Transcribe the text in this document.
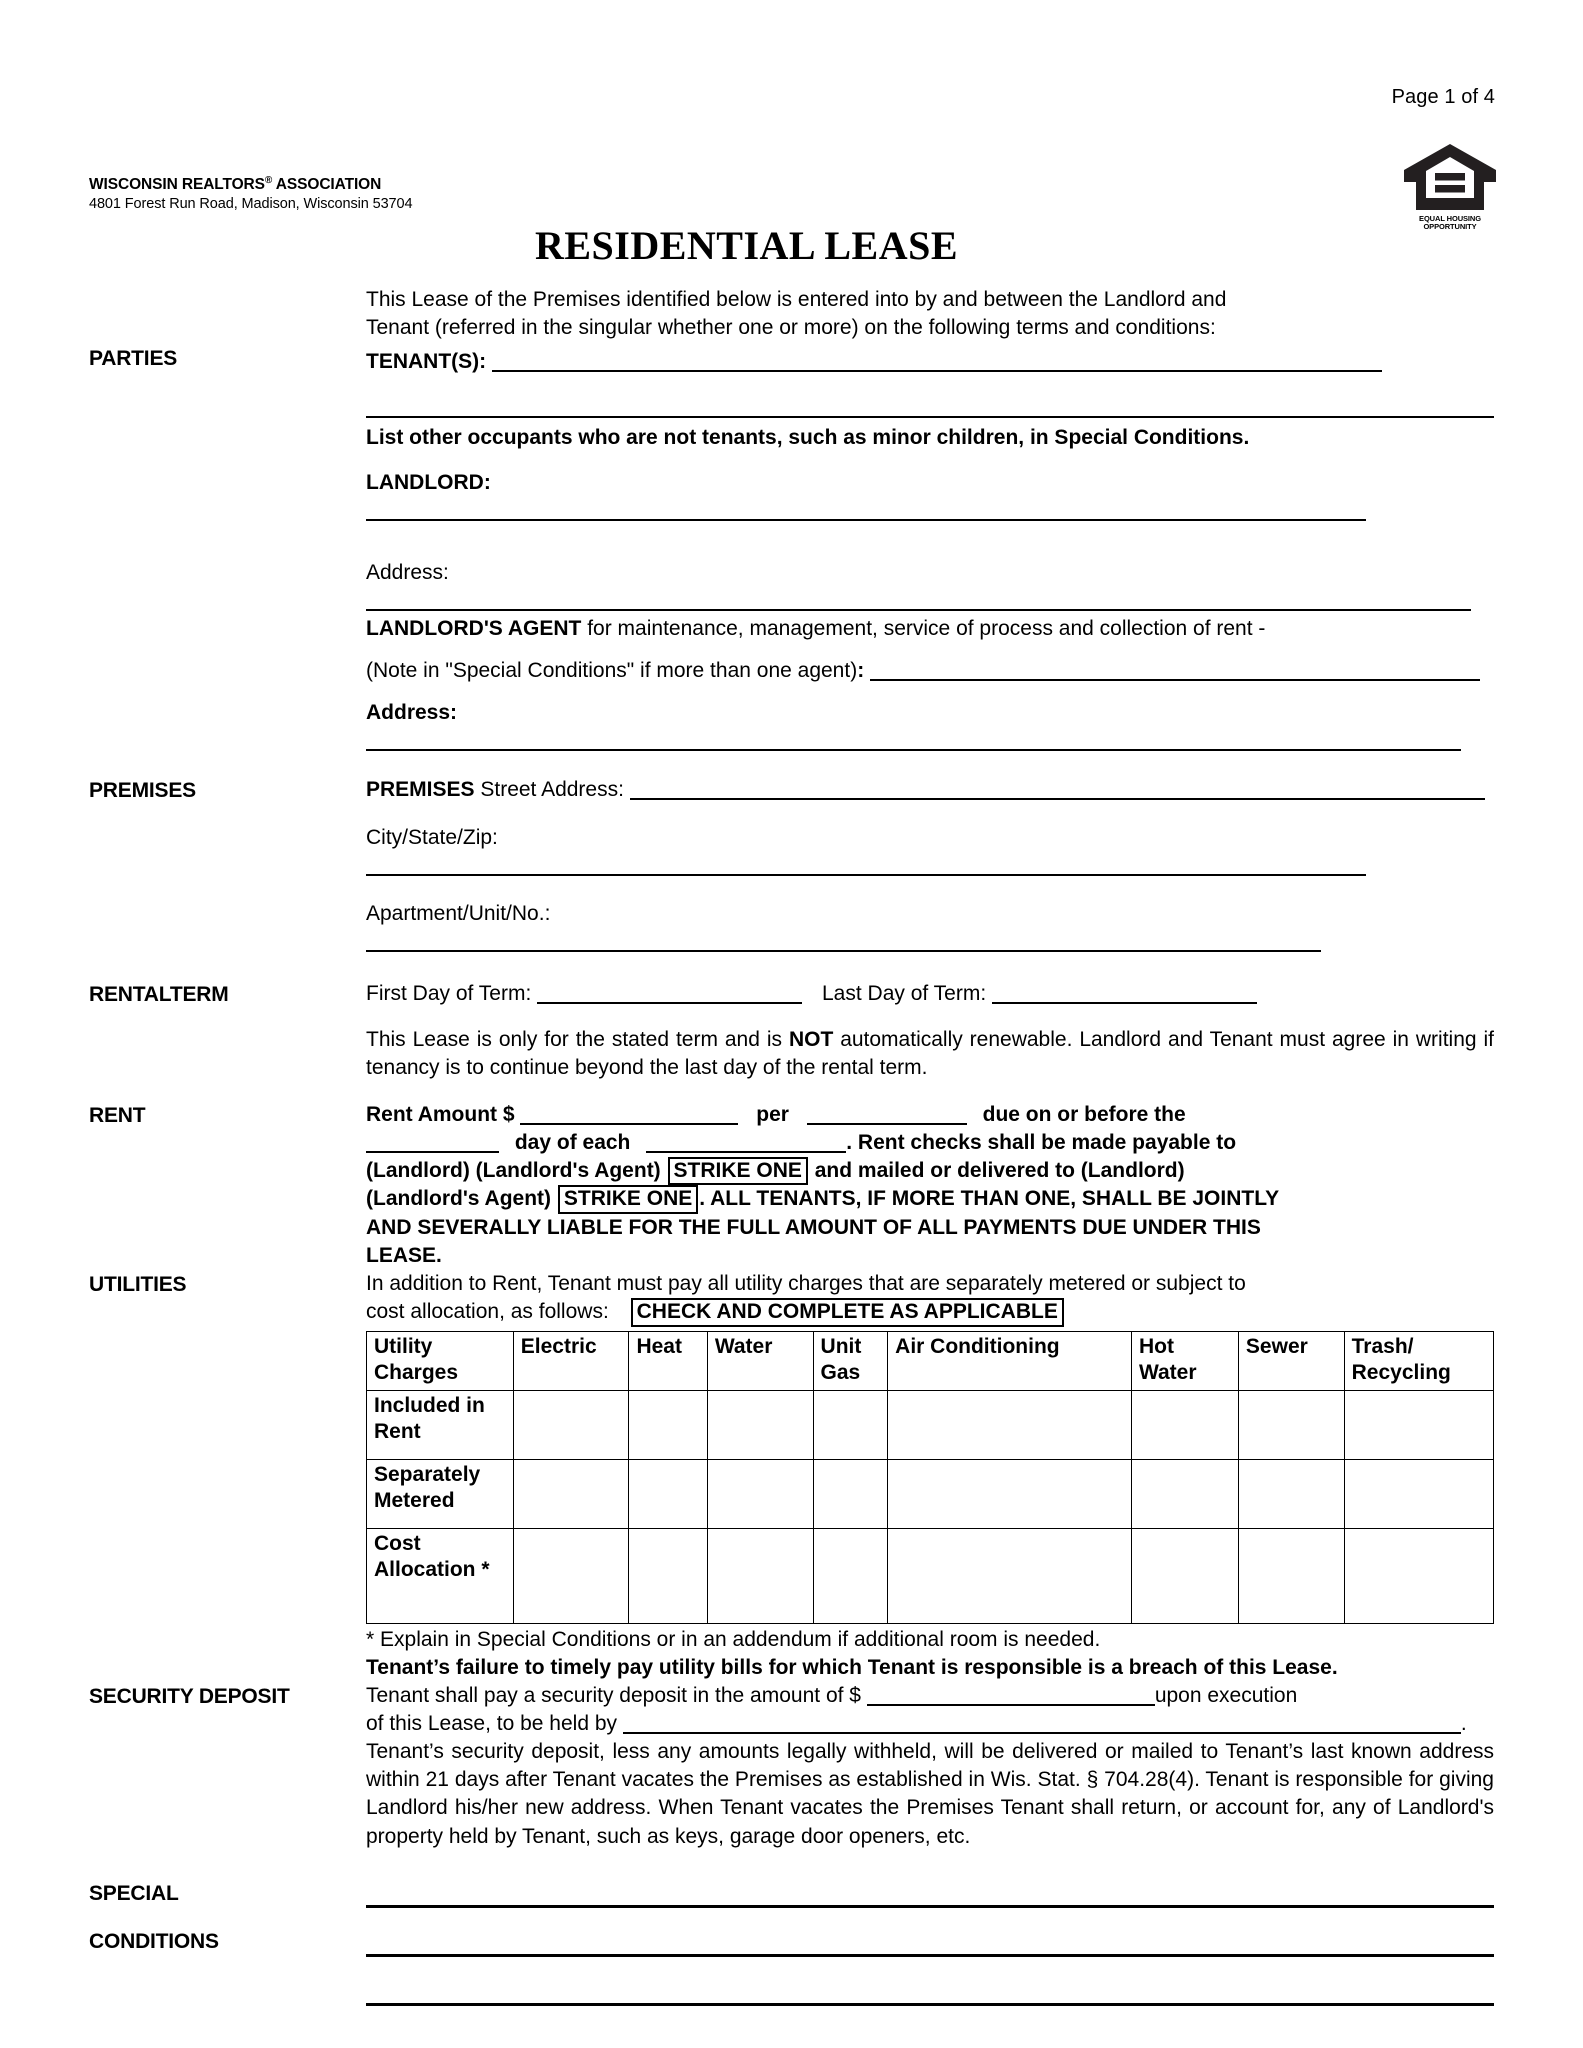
Page 1 of 4
EQUAL HOUSING
OPPORTUNITY
WISCONSIN REALTORS® ASSOCIATION
4801 Forest Run Road, Madison, Wisconsin 53704
RESIDENTIAL LEASE
PARTIES

This Lease of the Premises identified below is entered into by and between the Landlord and

Tenant (referred in the singular whether one or more) on the following terms and conditions:

TENANT(S):

List other occupants who are not tenants, such as minor children, in Special Conditions.

LANDLORD:

Address:

LANDLORD'S AGENT for maintenance, management, service of process and collection of rent -

(Note in "Special Conditions" if more than one agent):

Address:

PREMISES	PREMISES Street Address:

City/State/Zip:

Apartment/Unit/No.:

RENTALTERM	First Day of Term:	Last Day of Term:

This Lease is only for the stated term and is NOT automatically renewable. Landlord and Tenant must agree in writing if tenancy is to continue beyond the last day of the rental term.

RENT	Rent Amount $	per	due on or before the

day of each	. Rent checks shall be made payable to

(Landlord) (Landlord's Agent) STRIKE ONE and mailed or delivered to (Landlord)

(Landlord's Agent) STRIKE ONE . ALL TENANTS, IF MORE THAN ONE, SHALL BE JOINTLY

AND SEVERALLY LIABLE FOR THE FULL AMOUNT OF ALL PAYMENTS DUE UNDER THIS

LEASE.

UTILITIES	In addition to Rent, Tenant must pay all utility charges that are separately metered or subject to

cost allocation, as follows: CHECK AND COMPLETE AS APPLICABLE

Utility Charges	Electric	Heat	Water	Unit Gas	Air Conditioning	Hot Water	Sewer	Trash/ Recycling
Included in Rent								
Separately Metered								
Cost Allocation *								

* Explain in Special Conditions or in an addendum if additional room is needed.

Tenant’s failure to timely pay utility bills for which Tenant is responsible is a breach of this Lease.

SECURITY DEPOSIT	Tenant shall pay a security deposit in the amount of $	upon execution

of this Lease, to be held by	.

Tenant’s security deposit, less any amounts legally withheld, will be delivered or mailed to Tenant’s last known address within 21 days after Tenant vacates the Premises as established in Wis. Stat. § 704.28(4). Tenant is responsible for giving Landlord his/her new address. When Tenant vacates the Premises Tenant shall return, or account for, any of Landlord's property held by Tenant, such as keys, garage door openers, etc.

SPECIAL
CONDITIONS
